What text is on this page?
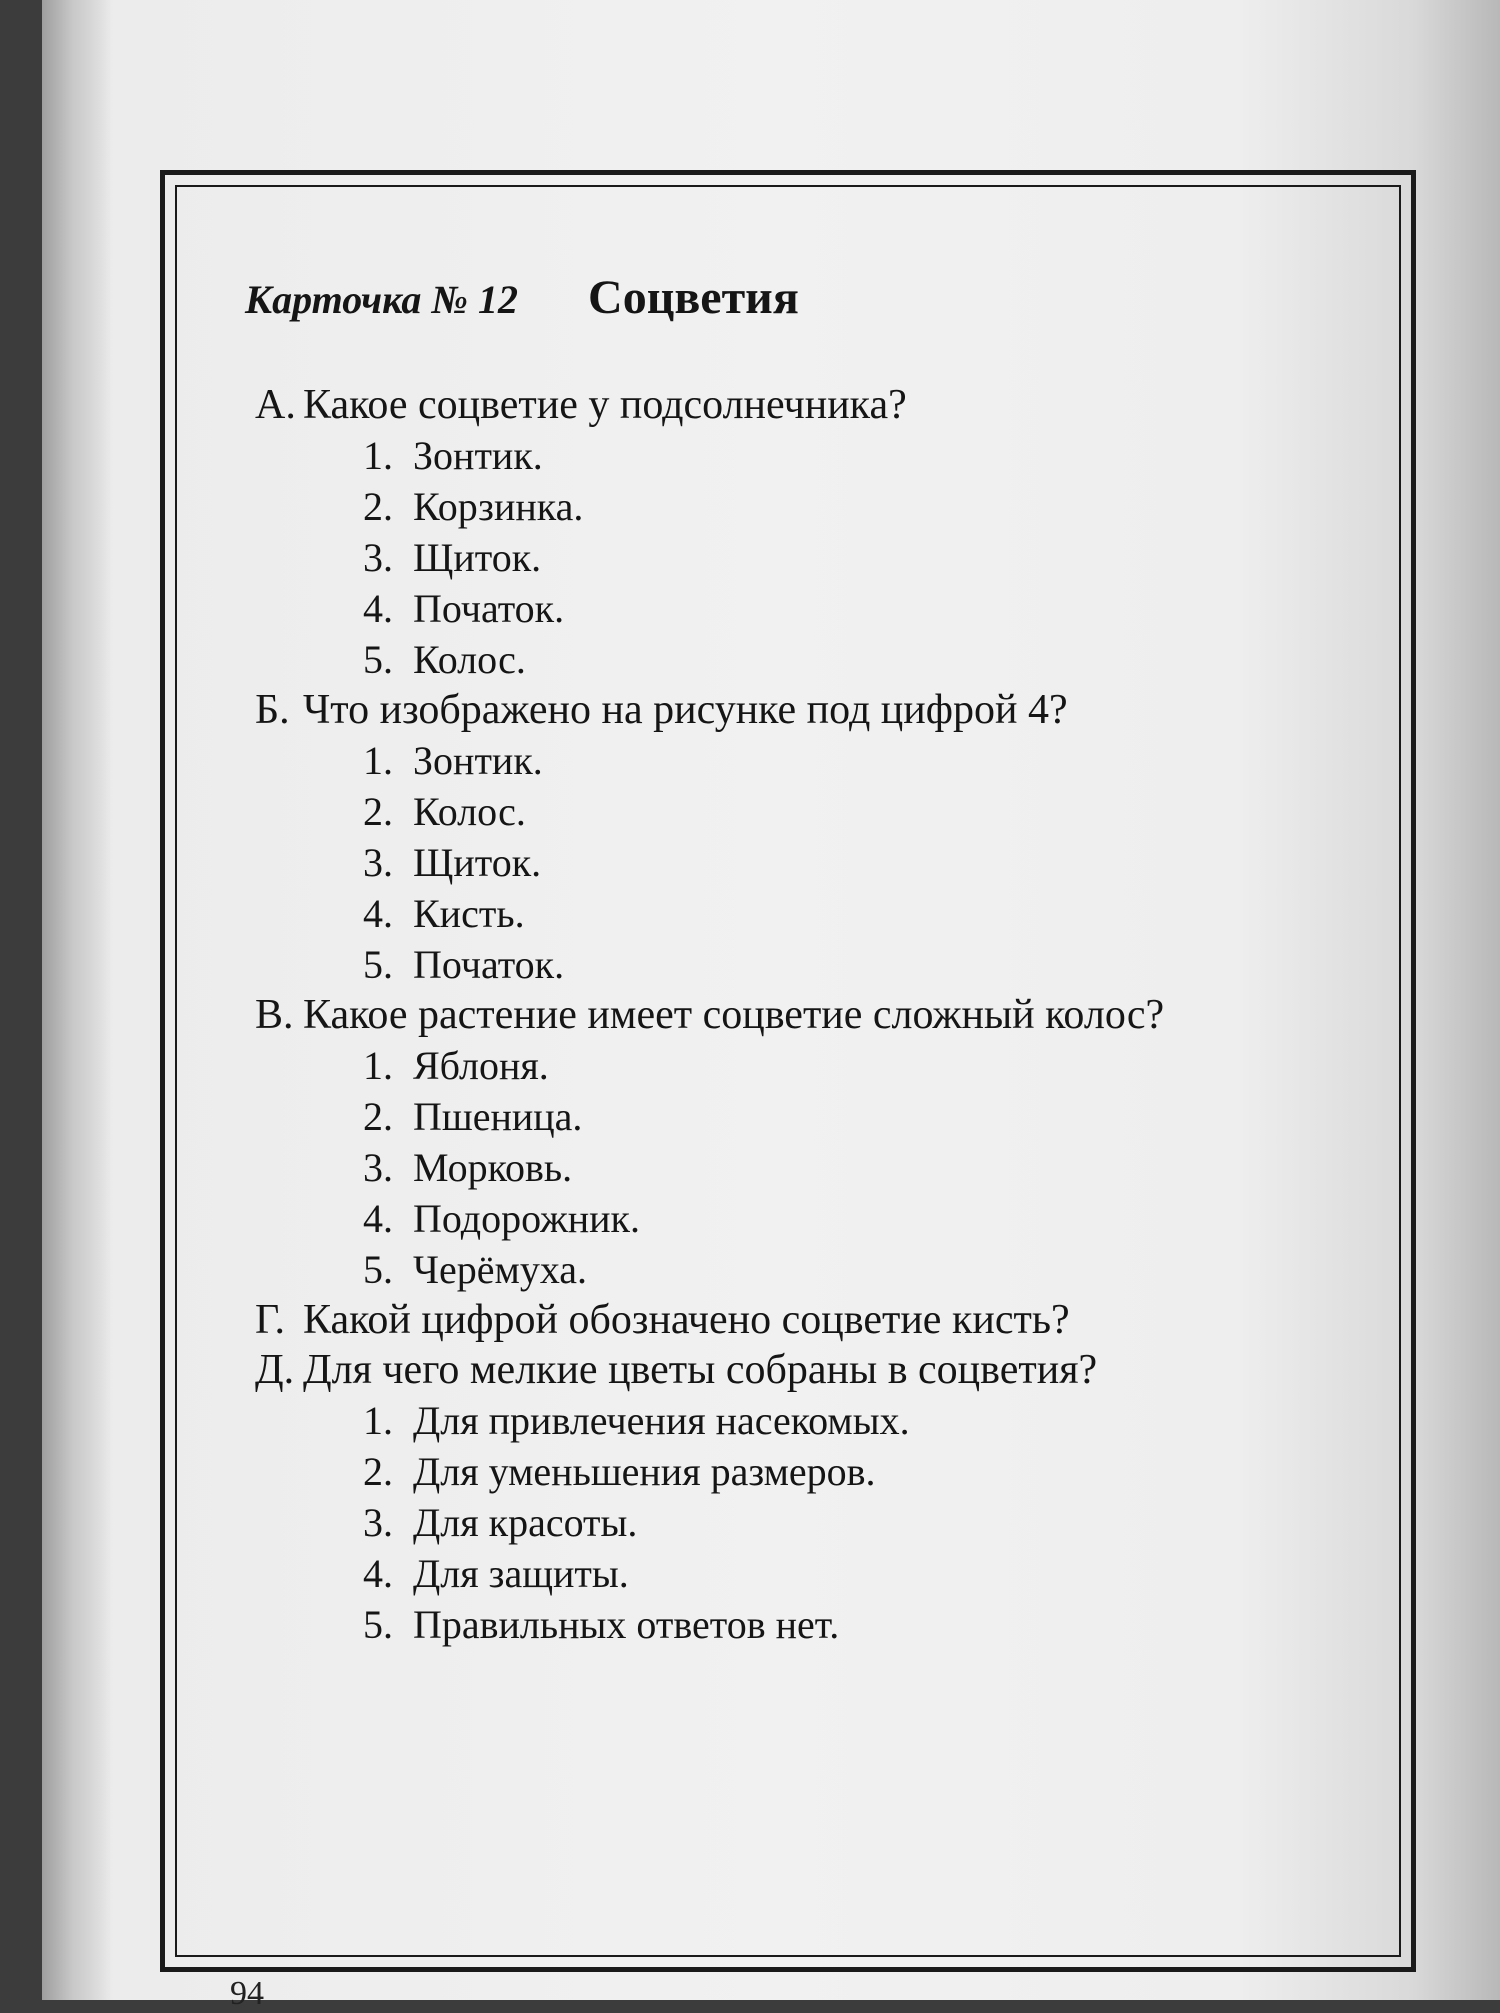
Карточка № 12 Соцветия
А. Какое соцветие у подсолнечника?
1. Зонтик.
2. Корзинка.
3. Щиток.
4. Початок.
5. Колос.
Б. Что изображено на рисунке под цифрой 4?
1. Зонтик.
2. Колос.
3. Щиток.
4. Кисть.
5. Початок.
В. Какое растение имеет соцветие сложный колос?
1. Яблоня.
2. Пшеница.
3. Морковь.
4. Подорожник.
5. Черёмуха.
Г. Какой цифрой обозначено соцветие кисть?
Д. Для чего мелкие цветы собраны в соцветия?
1. Для привлечения насекомых.
2. Для уменьшения размеров.
3. Для красоты.
4. Для защиты.
5. Правильных ответов нет.
94
